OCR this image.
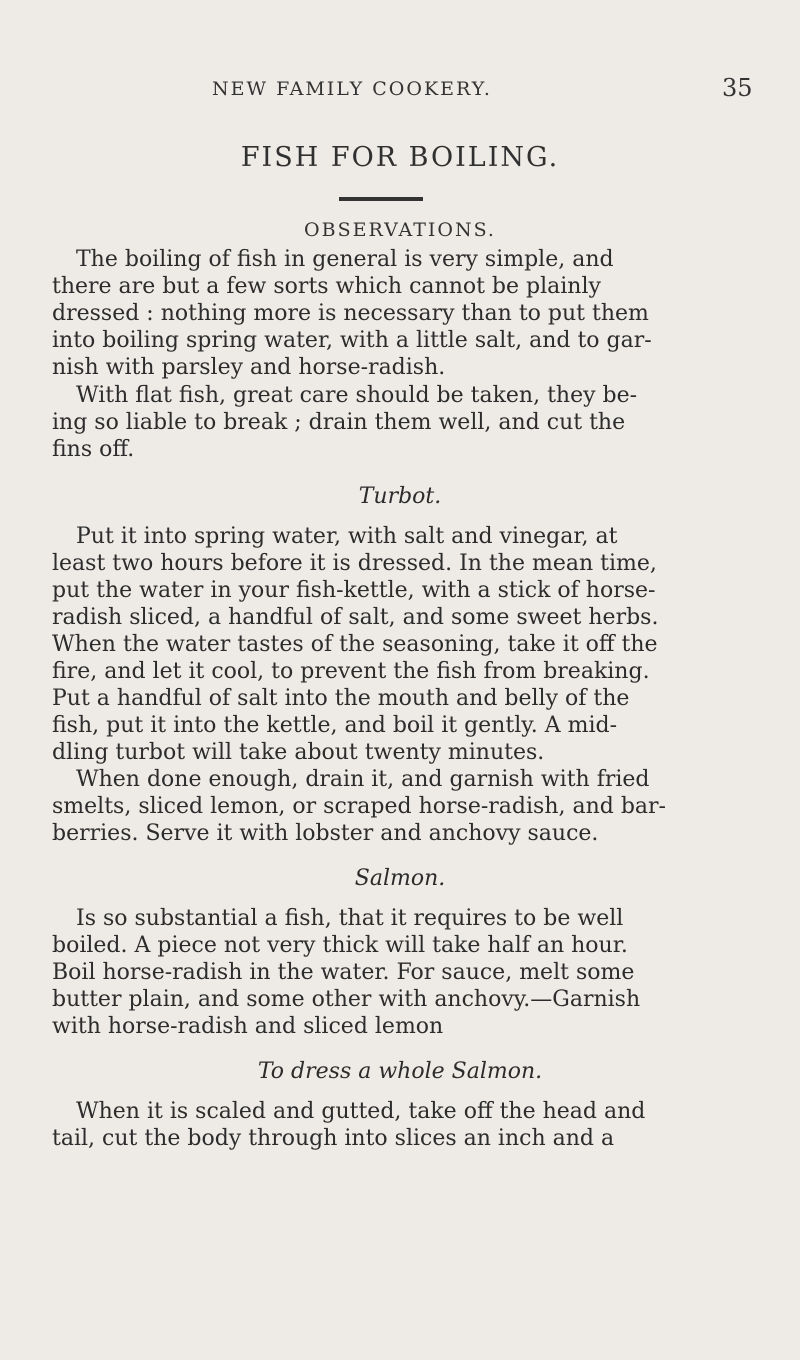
NEW FAMILY COOKERY.	35
FISH FOR BOILING.
OBSERVATIONS.
The boiling of fish in general is very simple, and
there are but a few sorts which cannot be plainly
dressed : nothing more is necessary than to put them
into boiling spring water, with a little salt, and to gar-
nish with parsley and horse-radish.
With flat fish, great care should be taken, they be-
ing so liable to break ; drain them well, and cut the
fins off.
Turbot.
Put it into spring water, with salt and vinegar, at
least two hours before it is dressed. In the mean time,
put the water in your fish-kettle, with a stick of horse-
radish sliced, a handful of salt, and some sweet herbs.
When the water tastes of the seasoning, take it off the
fire, and let it cool, to prevent the fish from breaking.
Put a handful of salt into the mouth and belly of the
fish, put it into the kettle, and boil it gently. A mid-
dling turbot will take about twenty minutes.
When done enough, drain it, and garnish with fried
smelts, sliced lemon, or scraped horse-radish, and bar-
berries. Serve it with lobster and anchovy sauce.
Salmon.
Is so substantial a fish, that it requires to be well
boiled. A piece not very thick will take half an hour.
Boil horse-radish in the water. For sauce, melt some
butter plain, and some other with anchovy.—Garnish
with horse-radish and sliced lemon
To dress a whole Salmon.
When it is scaled and gutted, take off the head and
tail, cut the body through into slices an inch and a
